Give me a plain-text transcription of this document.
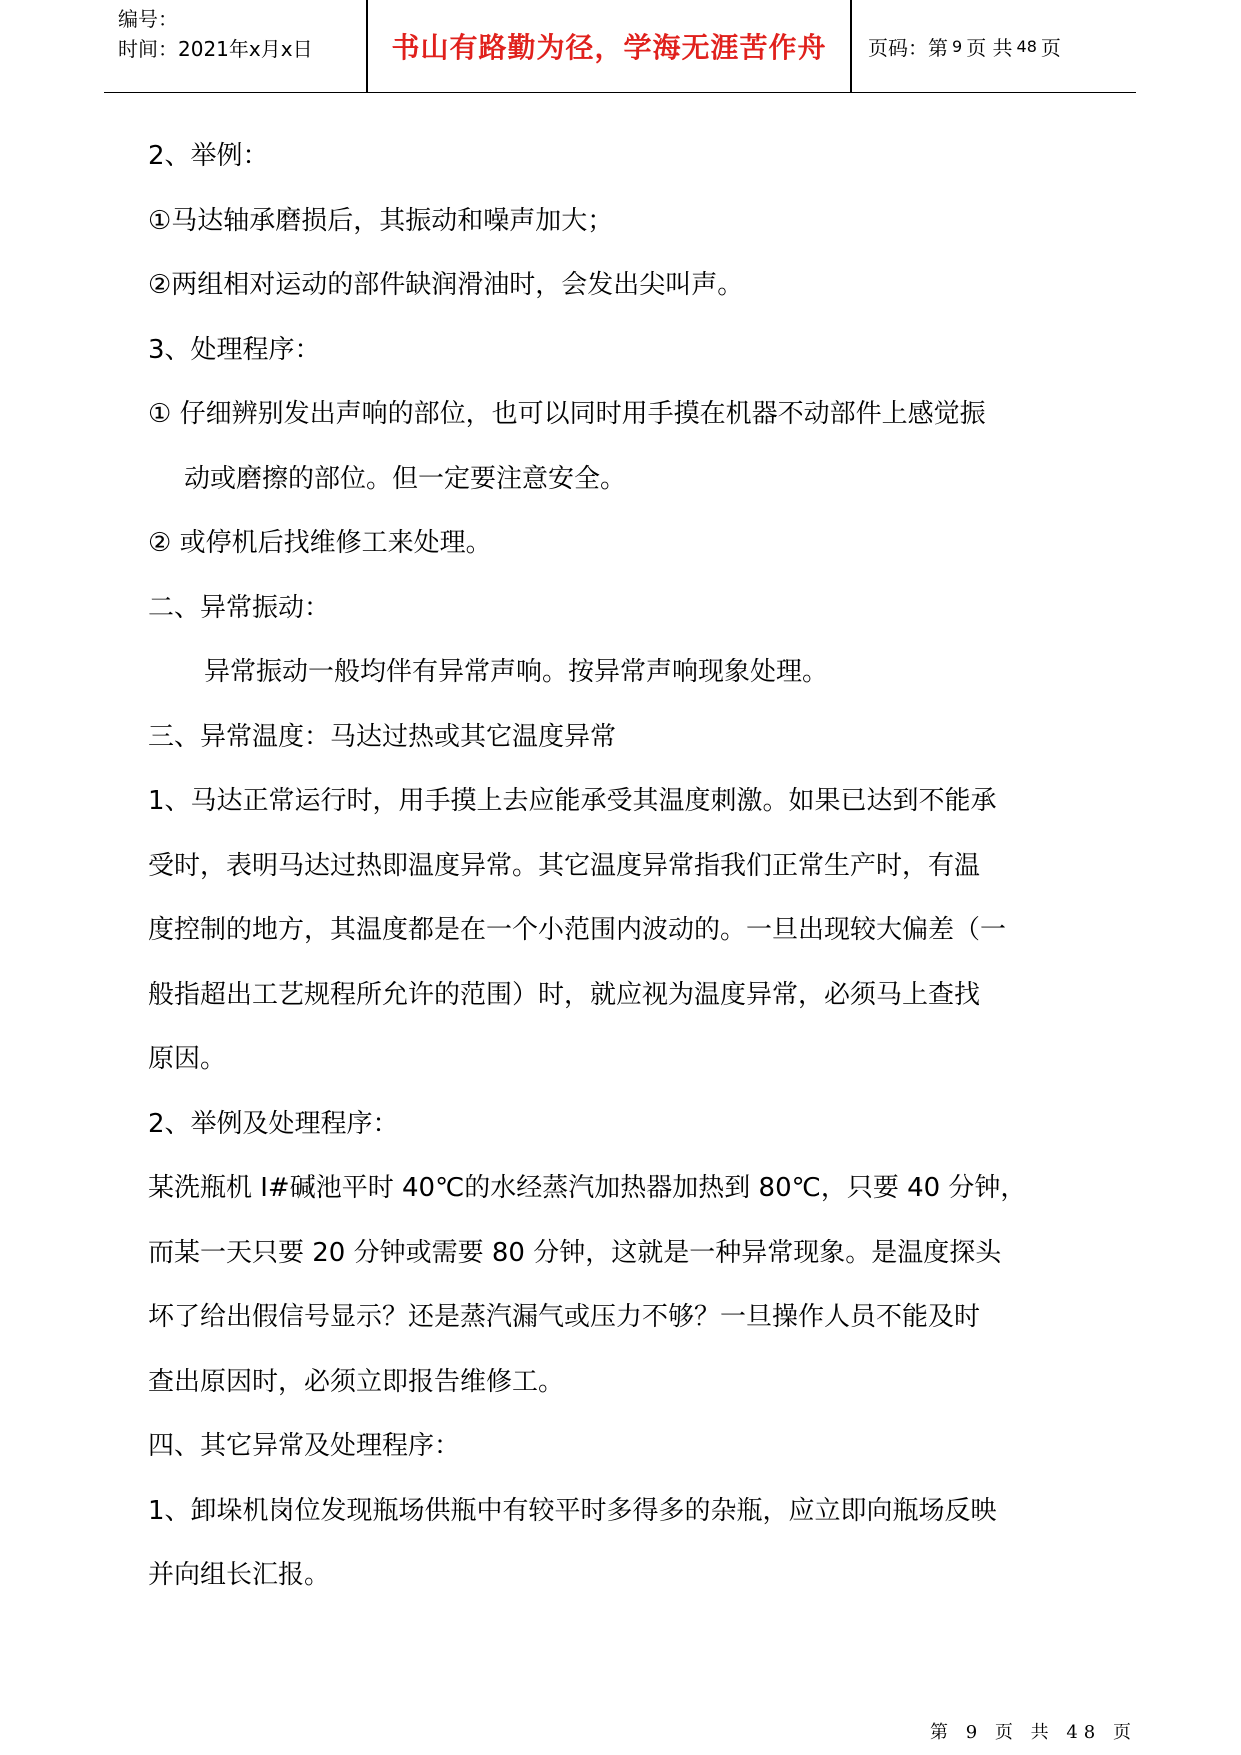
编号：
时间：2021年x月x日	书山有路勤为径，学海无涯苦作舟	页码：第 9 页 共 48 页

2、举例：

①马达轴承磨损后，其振动和噪声加大；

②两组相对运动的部件缺润滑油时，会发出尖叫声。

3、处理程序：

① 仔细辨别发出声响的部位，也可以同时用手摸在机器不动部件上感觉振

动或磨擦的部位。但一定要注意安全。

② 或停机后找维修工来处理。

二、异常振动：

异常振动一般均伴有异常声响。按异常声响现象处理。

三、异常温度：马达过热或其它温度异常

1、马达正常运行时，用手摸上去应能承受其温度刺激。如果已达到不能承

受时，表明马达过热即温度异常。其它温度异常指我们正常生产时，有温

度控制的地方，其温度都是在一个小范围内波动的。一旦出现较大偏差（一

般指超出工艺规程所允许的范围）时，就应视为温度异常，必须马上查找

原因。

2、举例及处理程序：

某洗瓶机 I#碱池平时 40℃的水经蒸汽加热器加热到 80℃，只要 40 分钟，

而某一天只要 20 分钟或需要 80 分钟，这就是一种异常现象。是温度探头

坏了给出假信号显示？还是蒸汽漏气或压力不够？一旦操作人员不能及时

查出原因时，必须立即报告维修工。

四、其它异常及处理程序：

1、卸垛机岗位发现瓶场供瓶中有较平时多得多的杂瓶，应立即向瓶场反映

并向组长汇报。

第 9 页 共 48 页
